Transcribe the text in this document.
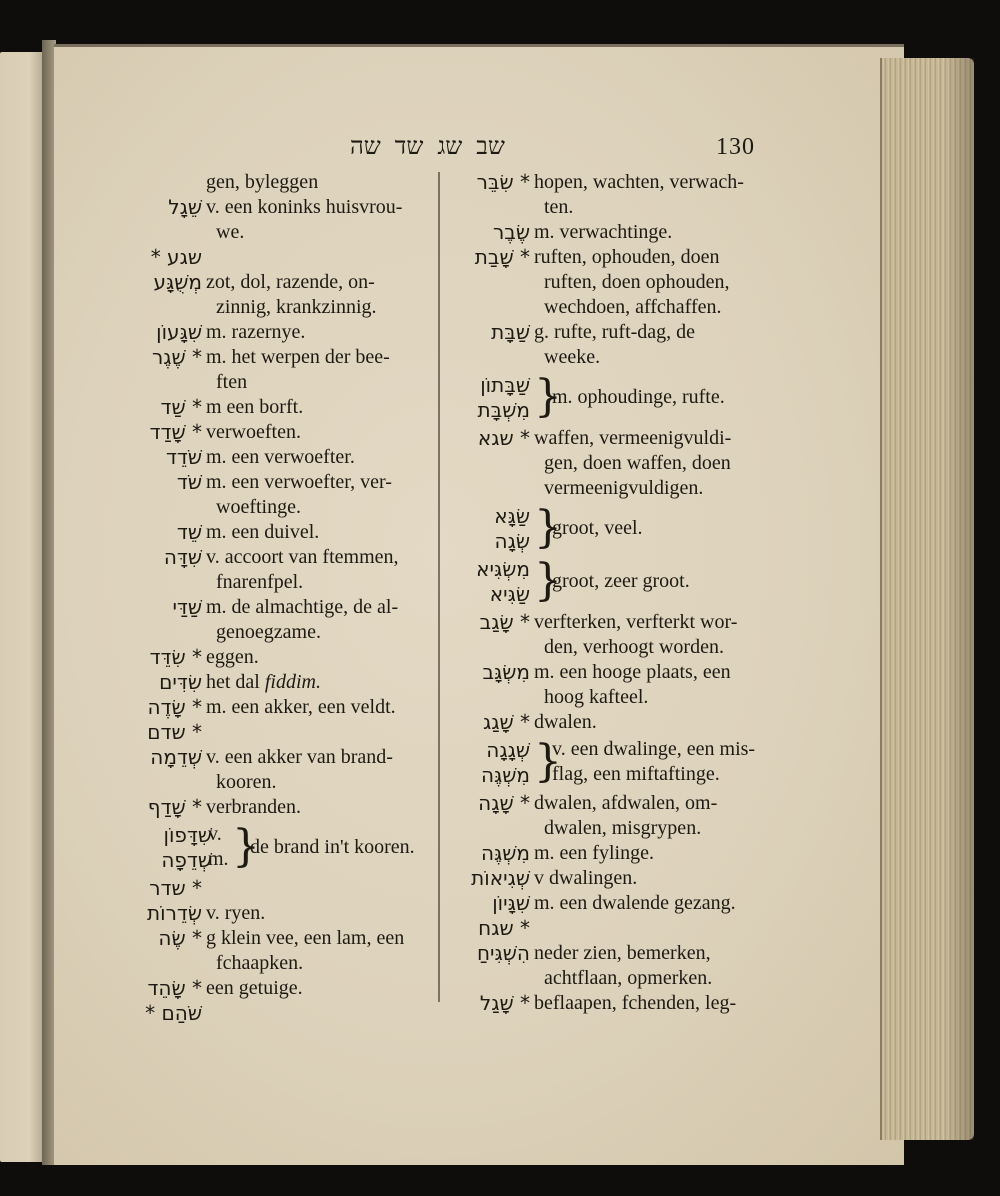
שב שג שד שה	130
gen, byleggen
שֵׁגָל v. een koninks huisvrou-
we.
שגע *

מְשֻׁגָּע zot, dol, razende, on-
zinnig, krankzinnig.
שִׁגָּעוֹן m. razernye.
* שֶׁגֶר m. het werpen der bee-
ften
* שַׁד m een borft.
* שָׁדַד verwoeften.
שֹׁדֵד m. een verwoefter.
שֹׁד m. een verwoefter, ver-
woeftinge.
שֵׁד m. een duivel.
שִׁדָּה v. accoort van ftemmen,
fnarenfpel.
שַׁדַּי m. de almachtige, de al-
genoegzame.
* שִׂדֵּד eggen.
שִׂדִּים het dal fiddim.
* שָׂדֶה m. een akker, een veldt.
* שדם

שְׁדֵמָה v. een akker van brand-
kooren.
* שָׁדַף verbranden.
שִׁדָּפוֹן
שְׁדֵפָה
v.
m. }
de brand in't kooren.
* שדר

שְׂדֵרוֹת v. ryen.
* שֶׂה g klein vee, een lam, een
fchaapken.
* שָׂהֵד een getuige.
שֹׁהַם *

* שִׂבֵּר hopen, wachten, verwach-
ten.
שֶׂבֶר m. verwachtinge.
* שָׁבַת ruften, ophouden, doen
ruften, doen ophouden, wechdoen, affchaffen.
שַׁבָּת g. rufte, ruft-dag, de
weeke.
שַׁבָּתוֹן
מִשְׁבָּת }
m. ophoudinge, rufte.
* שגא waffen, vermeenigvuldi-
gen, doen waffen, doen vermeenigvuldigen.
שַׂגָּא
שְׂגָה }
groot, veel.
מִשְׂגִּיא
שַׂגִּיא }
groot, zeer groot.
* שָׂגַב verfterken, verfterkt wor-
den, verhoogt worden.
מִשְׂגָּב m. een hooge plaats, een
hoog kafteel.
* שָׁגַג dwalen.
שְׁגָגָה
מִשְׁגֶּה }
v. een dwalinge, een mis-
flag, een miftaftinge.
* שָׁגָה dwalen, afdwalen, om-
dwalen, misgrypen.
מִשְׁגֶּה m. een fylinge.
שְׁגִיאוֹת v dwalingen.
שִׁגָּיוֹן m. een dwalende gezang.
* שגח

הִשְׁגִּיחַ neder zien, bemerken,
achtflaan, opmerken.
* שָׁגַל beflaapen, fchenden, leg-
